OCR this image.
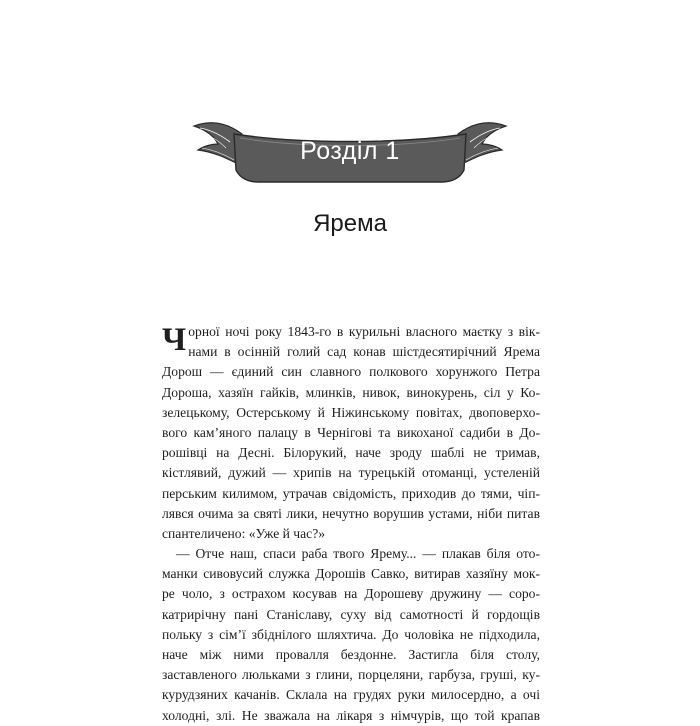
Розділ 1
Ярема
Ч орної ночі року 1843-го в курильні власного маєтку з вік-
нами в осінній голий сад конав шістдесятирічний Ярема
Дорош — єдиний син славного полкового хорунжого Петра
Дороша, хазяїн гайків, млинків, нивок, винокурень, сіл у Ко-
зелецькому, Остерському й Ніжинському повітах, двоповерхо-
вого кам’яного палацу в Чернігові та викоханої садиби в До-
рошівці на Десні. Білорукий, наче зроду шаблі не тримав,
кістлявий, дужий — хрипів на турецькій отоманці, устеленій
перським килимом, утрачав свідомість, приходив до тями, чіп-
лявся очима за святі лики, нечутно ворушив устами, ніби питав
спантеличено: «Уже й час?»
— Отче наш, спаси раба твого Ярему... — плакав біля ото-
манки сивовусий служка Дорошів Савко, витирав хазяїну мок-
ре чоло, з острахом косував на Дорошеву дружину — соро-
катрирічну пані Станіславу, суху від самотності й гордощів
польку з сім’ї збіднілого шляхтича. До чоловіка не підходила,
наче між ними провалля бездонне. Застигла біля столу,
заставленого люльками з глини, порцеляни, гарбуза, груші, ку-
курудзяних качанів. Склала на грудях руки милосердно, а очі
холодні, злі. Не зважала на лікаря з німчурів, що той крапав
